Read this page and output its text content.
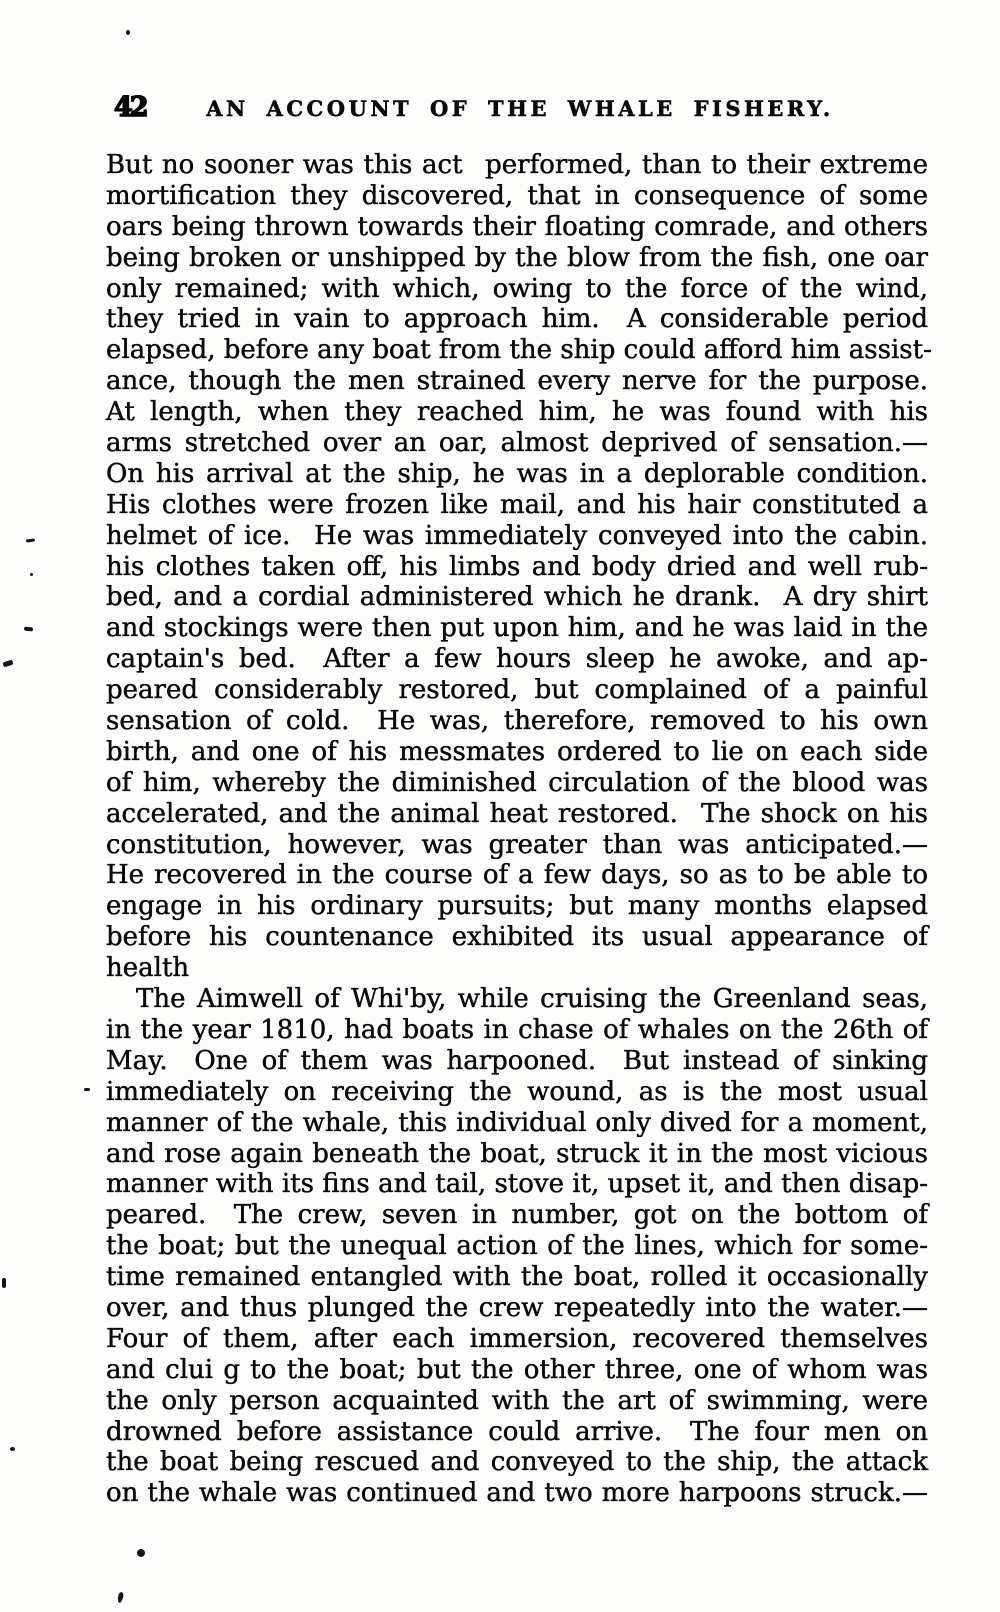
42	AN ACCOUNT OF THE WHALE FISHERY.
But no sooner was this act  performed, than to their extreme
mortification they discovered, that in consequence of some
oars being thrown towards their floating comrade, and others
being broken or unshipped by the blow from the fish, one oar
only remained; with which, owing to the force of the wind,
they tried in vain to approach him.  A considerable period
elapsed, before any boat from the ship could afford him assist-
ance, though the men strained every nerve for the purpose.
At length, when they reached him, he was found with his
arms stretched over an oar, almost deprived of sensation.—
On his arrival at the ship, he was in a deplorable condition.
His clothes were frozen like mail, and his hair constituted a
helmet of ice.  He was immediately conveyed into the cabin.
his clothes taken off, his limbs and body dried and well rub-
bed, and a cordial administered which he drank.  A dry shirt
and stockings were then put upon him, and he was laid in the
captain's bed.  After a few hours sleep he awoke, and ap-
peared considerably restored, but complained of a painful
sensation of cold.  He was, therefore, removed to his own
birth, and one of his messmates ordered to lie on each side
of him, whereby the diminished circulation of the blood was
accelerated, and the animal heat restored.  The shock on his
constitution, however, was greater than was anticipated.—
He recovered in the course of a few days, so as to be able to
engage in his ordinary pursuits; but many months elapsed
before his countenance exhibited its usual appearance of
health
The Aimwell of Whi'by, while cruising the Greenland seas,
in the year 1810, had boats in chase of whales on the 26th of
May.  One of them was harpooned.  But instead of sinking
immediately on receiving the wound, as is the most usual
manner of the whale, this individual only dived for a moment,
and rose again beneath the boat, struck it in the most vicious
manner with its fins and tail, stove it, upset it, and then disap-
peared.  The crew, seven in number, got on the bottom of
the boat; but the unequal action of the lines, which for some-
time remained entangled with the boat, rolled it occasionally
over, and thus plunged the crew repeatedly into the water.—
Four of them, after each immersion, recovered themselves
and clui g to the boat; but the other three, one of whom was
the only person acquainted with the art of swimming, were
drowned before assistance could arrive.  The four men on
the boat being rescued and conveyed to the ship, the attack
on the whale was continued and two more harpoons struck.—
